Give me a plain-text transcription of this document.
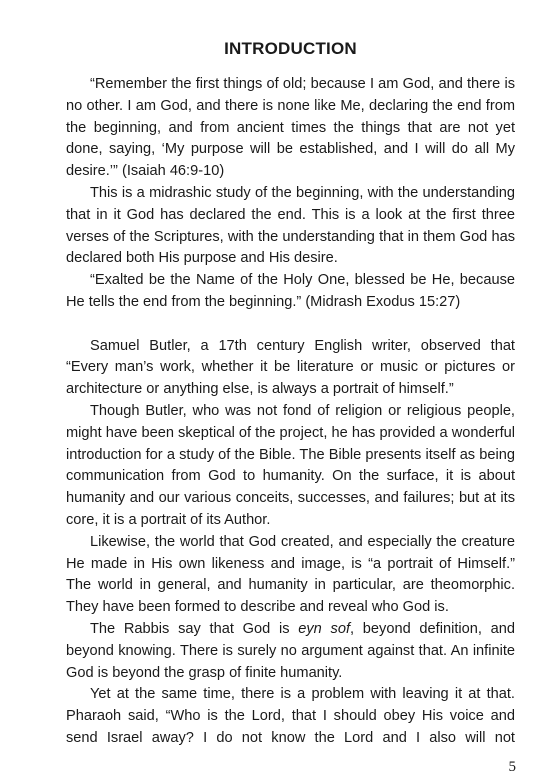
INTRODUCTION

“Remember the first things of old; because I am God, and there is no other. I am God, and there is none like Me, declaring the end from the beginning, and from ancient times the things that are not yet done, saying, ‘My purpose will be established, and I will do all My desire.’” (Isaiah 46:9-10)

This is a midrashic study of the beginning, with the understanding that in it God has declared the end. This is a look at the first three verses of the Scriptures, with the understanding that in them God has declared both His purpose and His desire.

“Exalted be the Name of the Holy One, blessed be He, because He tells the end from the beginning.” (Midrash Exodus 15:27)

Samuel Butler, a 17th century English writer, observed that “Every man’s work, whether it be literature or music or pictures or architecture or anything else, is always a portrait of himself.”

Though Butler, who was not fond of religion or religious people, might have been skeptical of the project, he has provided a wonderful introduction for a study of the Bible. The Bible presents itself as being communication from God to humanity. On the surface, it is about humanity and our various conceits, successes, and failures; but at its core, it is a portrait of its Author.

Likewise, the world that God created, and especially the creature He made in His own likeness and image, is “a portrait of Himself.” The world in general, and humanity in particular, are theomorphic. They have been formed to describe and reveal who God is.

The Rabbis say that God is eyn sof, beyond definition, and beyond knowing. There is surely no argument against that. An infinite God is beyond the grasp of finite humanity.

Yet at the same time, there is a problem with leaving it at that. Pharaoh said, “Who is the Lord, that I should obey His voice and send Israel away? I do not know the Lord and I also will not

5
